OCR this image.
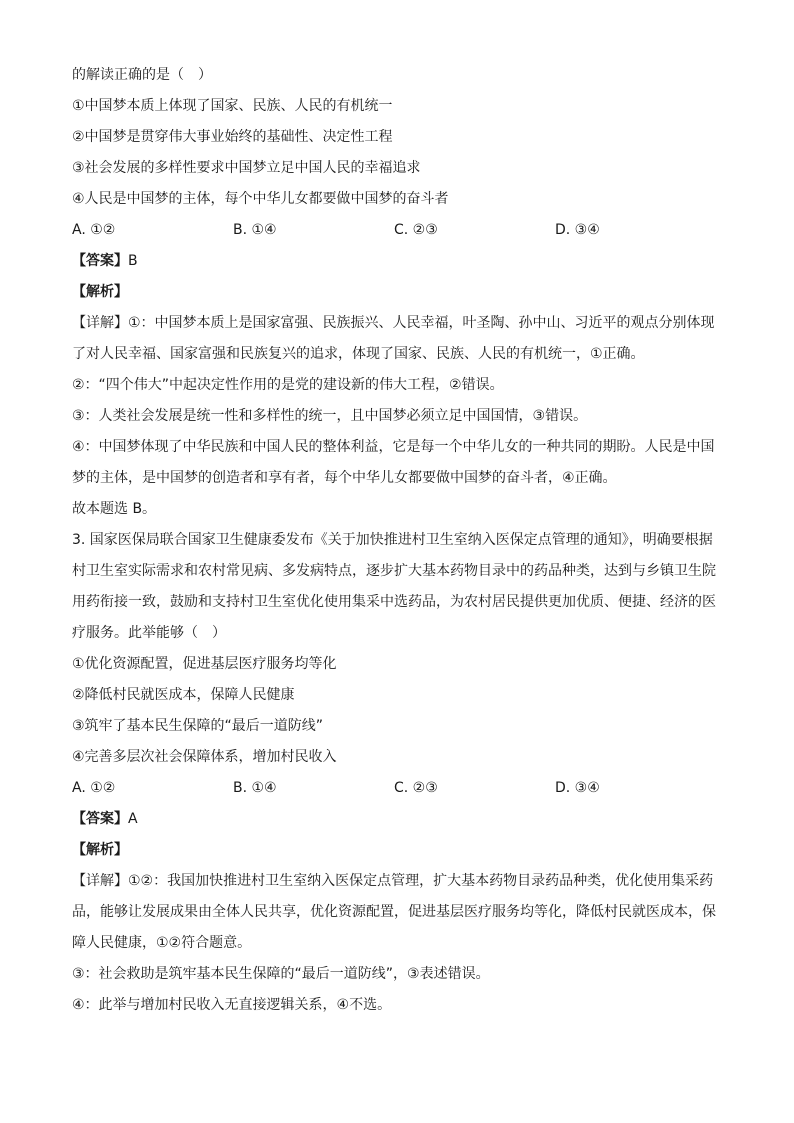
的解读正确的是（　）
①中国梦本质上体现了国家、民族、人民的有机统一
②中国梦是贯穿伟大事业始终的基础性、决定性工程
③社会发展的多样性要求中国梦立足中国人民的幸福追求
④人民是中国梦的主体，每个中华儿女都要做中国梦的奋斗者
A. ①②	B. ①④	C. ②③	D. ③④
【答案】B
【解析】
【详解】①：中国梦本质上是国家富强、民族振兴、人民幸福，叶圣陶、孙中山、习近平的观点分别体现了对人民幸福、国家富强和民族复兴的追求，体现了国家、民族、人民的有机统一，①正确。
②：“四个伟大”中起决定性作用的是党的建设新的伟大工程，②错误。
③：人类社会发展是统一性和多样性的统一，且中国梦必须立足中国国情，③错误。
④：中国梦体现了中华民族和中国人民的整体利益，它是每一个中华儿女的一种共同的期盼。人民是中国梦的主体，是中国梦的创造者和享有者，每个中华儿女都要做中国梦的奋斗者，④正确。
故本题选 B。
3. 国家医保局联合国家卫生健康委发布《关于加快推进村卫生室纳入医保定点管理的通知》，明确要根据村卫生室实际需求和农村常见病、多发病特点，逐步扩大基本药物目录中的药品种类，达到与乡镇卫生院用药衔接一致，鼓励和支持村卫生室优化使用集采中选药品，为农村居民提供更加优质、便捷、经济的医疗服务。此举能够（　）
①优化资源配置，促进基层医疗服务均等化
②降低村民就医成本，保障人民健康
③筑牢了基本民生保障的“最后一道防线”
④完善多层次社会保障体系，增加村民收入
A. ①②	B. ①④	C. ②③	D. ③④
【答案】A
【解析】
【详解】①②：我国加快推进村卫生室纳入医保定点管理，扩大基本药物目录药品种类，优化使用集采药品，能够让发展成果由全体人民共享，优化资源配置，促进基层医疗服务均等化，降低村民就医成本，保障人民健康，①②符合题意。
③：社会救助是筑牢基本民生保障的“最后一道防线”，③表述错误。
④：此举与增加村民收入无直接逻辑关系，④不选。
